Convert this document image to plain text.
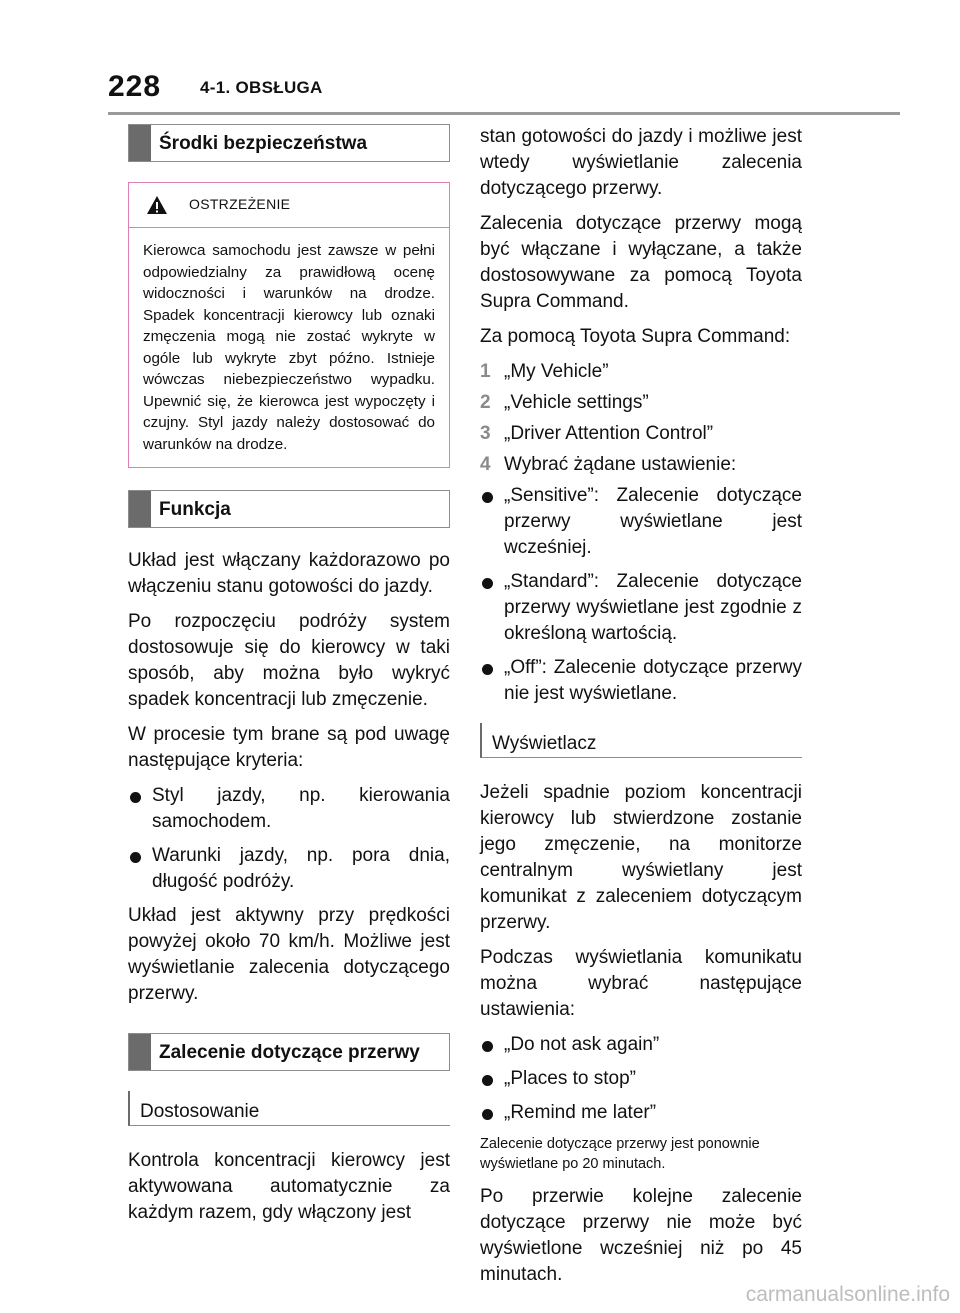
228 4-1. OBSŁUGA
Środki bezpieczeństwa
OSTRZEŻENIE
Kierowca samochodu jest zawsze w pełni odpowiedzialny za prawidłową ocenę widoczności i warunków na drodze. Spadek koncentracji kierowcy lub oznaki zmęczenia mogą nie zostać wykryte w ogóle lub wykryte zbyt późno. Istnieje wówczas niebezpieczeństwo wypadku. Upewnić się, że kierowca jest wypoczęty i czujny. Styl jazdy należy dostosować do warunków na drodze.
Funkcja

Układ jest włączany każdorazowo po włączeniu stanu gotowości do jazdy.

Po rozpoczęciu podróży system dostosowuje się do kierowcy w taki sposób, aby można było wykryć spadek koncentracji lub zmęczenie.

W procesie tym brane są pod uwagę następujące kryteria:

Styl jazdy, np. kierowania samochodem.
Warunki jazdy, np. pora dnia, długość podróży.

Układ jest aktywny przy prędkości powyżej około 70 km/h. Możliwe jest wyświetlanie zalecenia dotyczącego przerwy.

Zalecenie dotyczące przerwy
Dostosowanie

Kontrola koncentracji kierowcy jest aktywowana automatycznie za każdym razem, gdy włączony jest

stan gotowości do jazdy i możliwe jest wtedy wyświetlanie zalecenia dotyczącego przerwy.

Zalecenia dotyczące przerwy mogą być włączane i wyłączane, a także dostosowywane za pomocą Toyota Supra Command.

Za pomocą Toyota Supra Command:

1 „My Vehicle”
2 „Vehicle settings”
3 „Driver Attention Control”
4 Wybrać żądane ustawienie:
„Sensitive”: Zalecenie dotyczące przerwy wyświetlane jest wcześniej.
„Standard”: Zalecenie dotyczące przerwy wyświetlane jest zgodnie z określoną wartością.
„Off”: Zalecenie dotyczące przerwy nie jest wyświetlane.
Wyświetlacz

Jeżeli spadnie poziom koncentracji kierowcy lub stwierdzone zostanie jego zmęczenie, na monitorze centralnym wyświetlany jest komunikat z zaleceniem dotyczącym przerwy.

Podczas wyświetlania komunikatu można wybrać następujące ustawienia:

„Do not ask again”
„Places to stop”
„Remind me later”

Zalecenie dotyczące przerwy jest ponownie wyświetlane po 20 minutach.

Po przerwie kolejne zalecenie dotyczące przerwy nie może być wyświetlone wcześniej niż po 45 minutach.

carmanualsonline.info
